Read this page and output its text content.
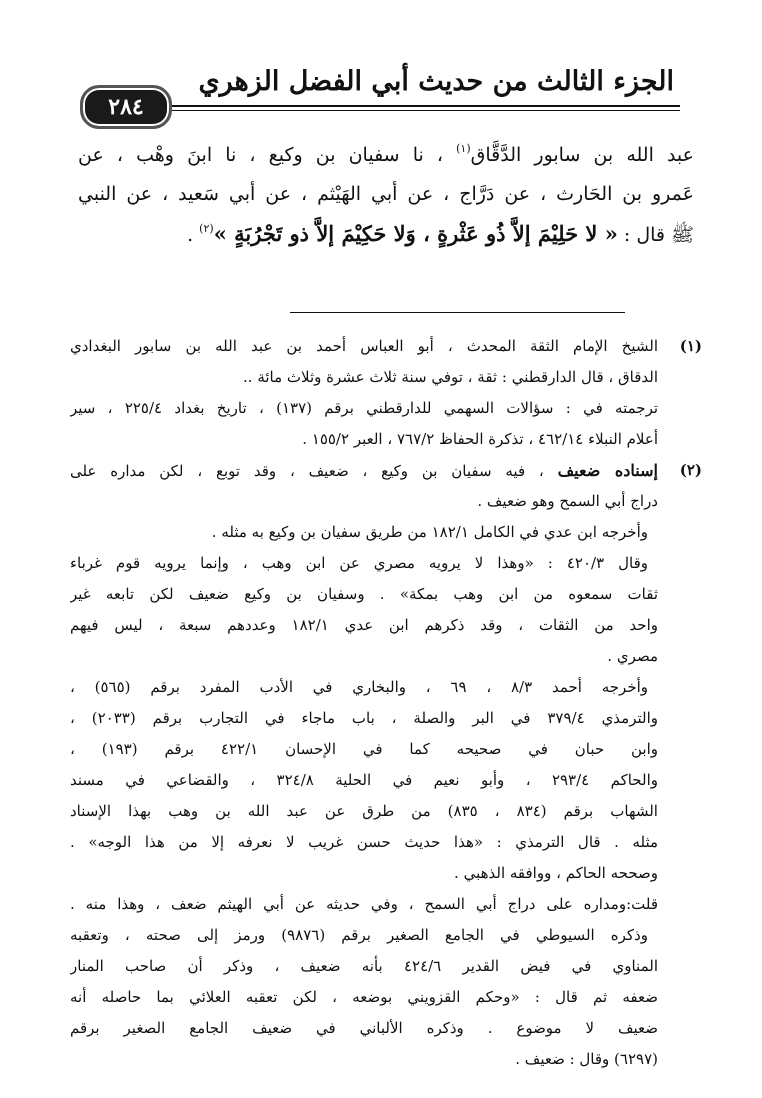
الجزء الثالث من حديث أبي الفضل الزهري
٢٨٤
عبد الله بن سابور الدَّقَّاق$^{(١)}$ ، نا سفيان بن وكيع ، نا ابنَ وهْب ، عن
عَمرو بن الحَارث ، عن دَرَّاج ، عن أبي الهَيْثم ، عن أبي سَعيد ، عن النبي
ﷺ قال : « لا حَلِيْمَ إلاَّ ذُو عَثْرةٍ ، وَلا حَكِيْمَ إلاَّ ذو تَجْرُبَةٍ »$^{(٢)}$ .
(١)
الشيخ الإمام الثقة المحدث ، أبو العباس أحمد بن عبد الله بن سابور البغدادي
الدقاق ، قال الدارقطني : ثقة ، توفي سنة ثلاث عشرة وثلاث مائة ..
ترجمته في : سؤالات السهمي للدارقطني برقم (١٣٧) ، تاريخ بغداد ٢٢٥/٤ ، سير
أعلام النبلاء ٤٦٢/١٤ ، تذكرة الحفاظ ٧٦٧/٢ ، العبر ١٥٥/٢ .
(٢)
إسناده ضعيف ، فيه سفيان بن وكيع ، ضعيف ، وقد توبع ، لكن مداره على
دراج أبي السمح وهو ضعيف .
وأخرجه ابن عدي في الكامل ١٨٢/١ من طريق سفيان بن وكيع به مثله .
وقال ٤٢٠/٣ : «وهذا لا يرويه مصري عن ابن وهب ، وإنما يرويه قوم غرباء
ثقات سمعوه من ابن وهب بمكة» . وسفيان بن وكيع ضعيف لكن تابعه غير
واحد من الثقات ، وقد ذكرهم ابن عدي ١٨٢/١ وعددهم سبعة ، ليس فيهم
مصري .
وأخرجه أحمد ٨/٣ ، ٦٩ ، والبخاري في الأدب المفرد برقم (٥٦٥) ،
والترمذي ٣٧٩/٤ في البر والصلة ، باب ماجاء في التجارب برقم (٢٠٣٣) ،
وابن حبان في صحيحه كما في الإحسان ٤٢٢/١ برقم (١٩٣) ،
والحاكم ٢٩٣/٤ ، وأبو نعيم في الحلية ٣٢٤/٨ ، والقضاعي في مسند
الشهاب برقم (٨٣٤ ، ٨٣٥) من طرق عن عبد الله بن وهب بهذا الإسناد
مثله . قال الترمذي : «هذا حديث حسن غريب لا نعرفه إلا من هذا الوجه» .
وصححه الحاكم ، ووافقه الذهبي .
قلت:ومداره على دراج أبي السمح ، وفي حديثه عن أبي الهيثم ضعف ، وهذا منه .
وذكره السيوطي في الجامع الصغير برقم (٩٨٧٦) ورمز إلى صحته ، وتعقبه
المناوي في فيض القدير ٤٢٤/٦ بأنه ضعيف ، وذكر أن صاحب المنار
ضعفه ثم قال : «وحكم القزويني بوضعه ، لكن تعقبه العلائي بما حاصله أنه
ضعيف لا موضوع . وذكره الألباني في ضعيف الجامع الصغير برقم
(٦٢٩٧) وقال : ضعيف .
